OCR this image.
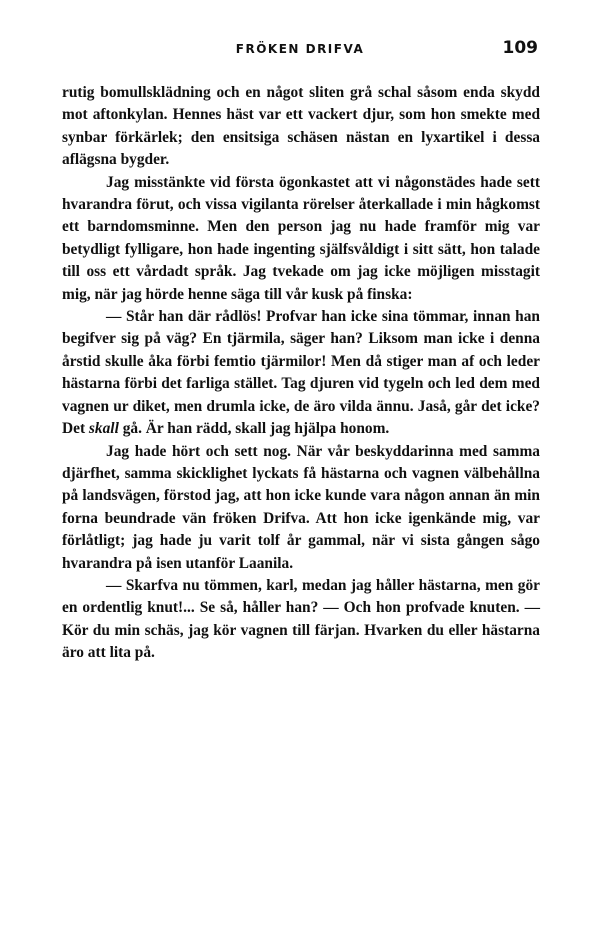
FRÖKEN DRIFVA	109

rutig bomullsklädning och en något sliten grå schal såsom enda skydd mot aftonkylan. Hennes häst var ett vackert djur, som hon smekte med synbar förkärlek; den ensitsiga schäsen nästan en lyxartikel i dessa aflägsna bygder.

Jag misstänkte vid första ögonkastet att vi någonstädes hade sett hvarandra förut, och vissa vigilanta rörelser återkallade i min hågkomst ett barndomsminne. Men den person jag nu hade framför mig var betydligt fylligare, hon hade ingenting själfsvåldigt i sitt sätt, hon talade till oss ett vårdadt språk. Jag tvekade om jag icke möjligen misstagit mig, när jag hörde henne säga till vår kusk på finska:

— Står han där rådlös! Profvar han icke sina tömmar, innan han begifver sig på väg? En tjärmila, säger han? Liksom man icke i denna årstid skulle åka förbi femtio tjärmilor! Men då stiger man af och leder hästarna förbi det farliga stället. Tag djuren vid tygeln och led dem med vagnen ur diket, men drumla icke, de äro vilda ännu. Jaså, går det icke? Det skall gå. Är han rädd, skall jag hjälpa honom.

Jag hade hört och sett nog. När vår beskyddarinna med samma djärfhet, samma skicklighet lyckats få hästarna och vagnen välbehållna på landsvägen, förstod jag, att hon icke kunde vara någon annan än min forna beundrade vän fröken Drifva. Att hon icke igenkände mig, var förlåtligt; jag hade ju varit tolf år gammal, när vi sista gången sågo hvarandra på isen utanför Laanila.

— Skarfva nu tömmen, karl, medan jag håller hästarna, men gör en ordentlig knut!... Se så, håller han? — Och hon profvade knuten. — Kör du min schäs, jag kör vagnen till färjan. Hvarken du eller hästarna äro att lita på.
